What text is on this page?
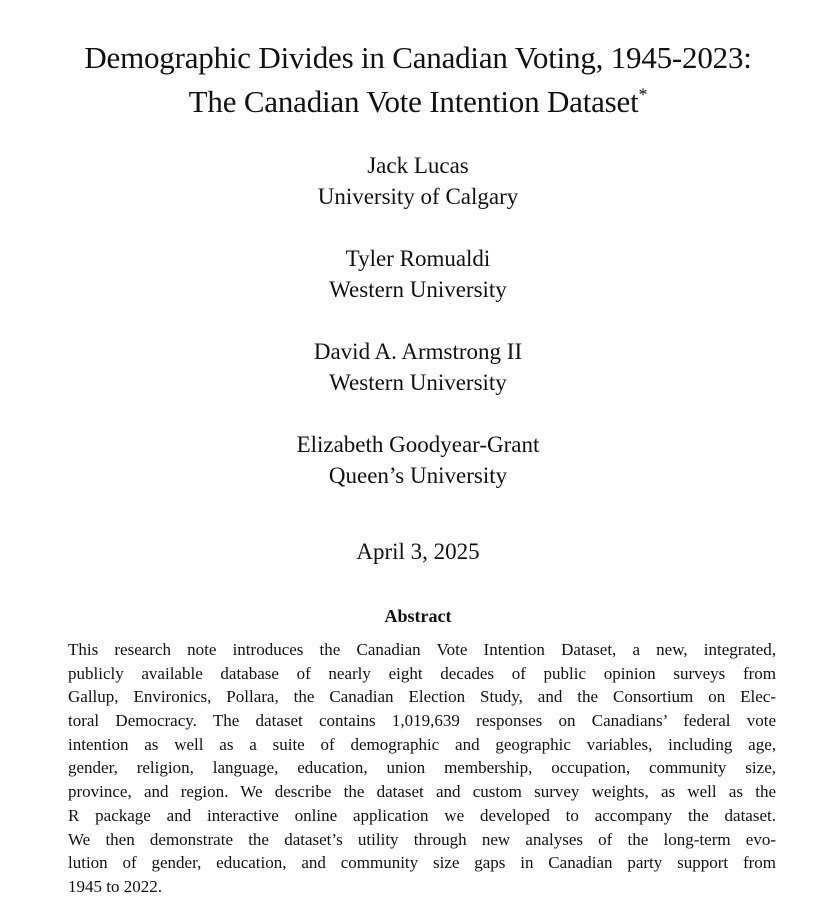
Demographic Divides in Canadian Voting, 1945-2023:
The Canadian Vote Intention Dataset*
Jack Lucas
University of Calgary
Tyler Romualdi
Western University
David A. Armstrong II
Western University
Elizabeth Goodyear-Grant
Queen’s University
April 3, 2025
Abstract
This research note introduces the Canadian Vote Intention Dataset, a new, integrated,
publicly available database of nearly eight decades of public opinion surveys from
Gallup, Environics, Pollara, the Canadian Election Study, and the Consortium on Elec-
toral Democracy. The dataset contains 1,019,639 responses on Canadians’ federal vote
intention as well as a suite of demographic and geographic variables, including age,
gender, religion, language, education, union membership, occupation, community size,
province, and region. We describe the dataset and custom survey weights, as well as the
R package and interactive online application we developed to accompany the dataset.
We then demonstrate the dataset’s utility through new analyses of the long-term evo-
lution of gender, education, and community size gaps in Canadian party support from
1945 to 2022.
